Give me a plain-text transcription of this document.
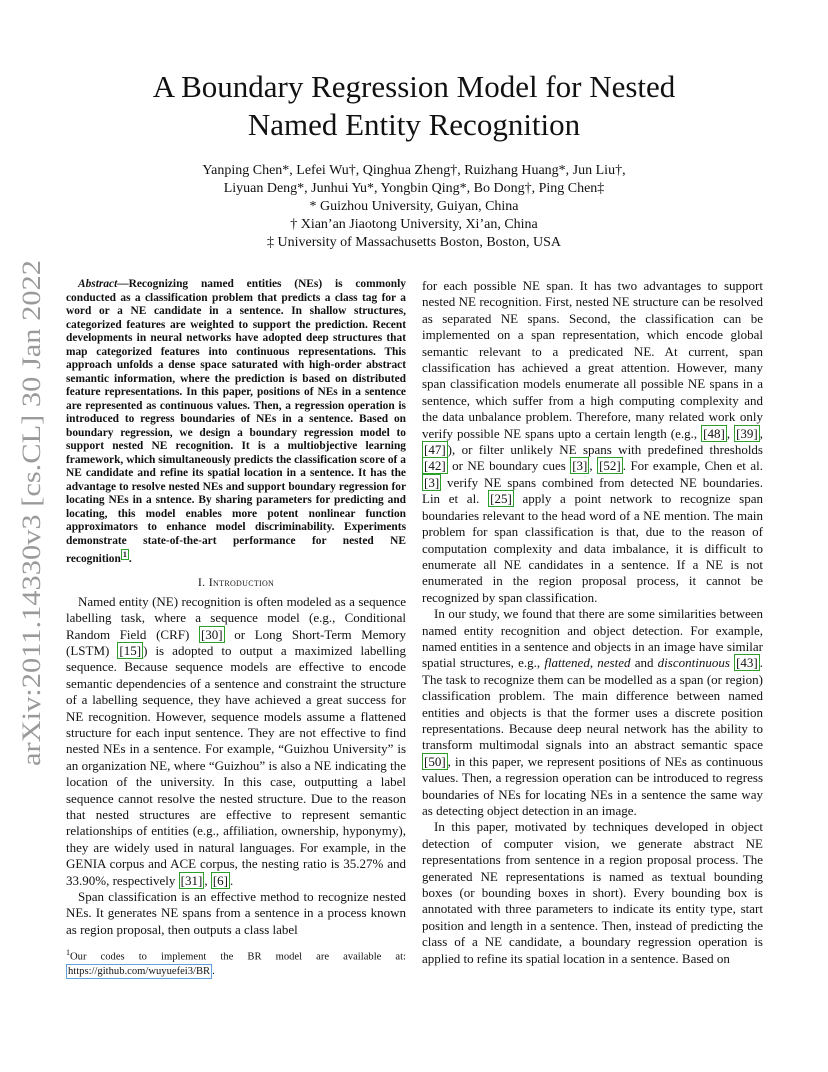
arXiv:2011.14330v3 [cs.CL] 30 Jan 2022
A Boundary Regression Model for Nested
Named Entity Recognition
Yanping Chen*, Lefei Wu†, Qinghua Zheng†, Ruizhang Huang*, Jun Liu†,
Liyuan Deng*, Junhui Yu*, Yongbin Qing*, Bo Dong†, Ping Chen‡
* Guizhou University, Guiyan, China
† Xian’an Jiaotong University, Xi’an, China
‡ University of Massachusetts Boston, Boston, USA

Abstract—Recognizing named entities (NEs) is commonly conducted as a classification problem that predicts a class tag for a word or a NE candidate in a sentence. In shallow structures, categorized features are weighted to support the prediction. Recent developments in neural networks have adopted deep structures that map categorized features into continuous representations. This approach unfolds a dense space saturated with high-order abstract semantic information, where the prediction is based on distributed feature representations. In this paper, positions of NEs in a sentence are represented as continuous values. Then, a regression operation is introduced to regress boundaries of NEs in a sentence. Based on boundary regression, we design a boundary regression model to support nested NE recognition. It is a multiobjective learning framework, which simultaneously predicts the classification score of a NE candidate and refine its spatial location in a sentence. It has the advantage to resolve nested NEs and support boundary regression for locating NEs in a sntence. By sharing parameters for predicting and locating, this model enables more potent nonlinear function approximators to enhance model discriminability. Experiments demonstrate state-of-the-art performance for nested NE recognition $^1$ .

I. Introduction

Named entity (NE) recognition is often modeled as a sequence labelling task, where a sequence model (e.g., Conditional Random Field (CRF) [30] or Long Short-Term Memory (LSTM) [15] ) is adopted to output a maximized labelling sequence. Because sequence models are effective to encode semantic dependencies of a sentence and constraint the structure of a labelling sequence, they have achieved a great success for NE recognition. However, sequence models assume a flattened structure for each input sentence. They are not effective to find nested NEs in a sentence. For example, “Guizhou University” is an organization NE, where “Guizhou” is also a NE indicating the location of the university. In this case, outputting a label sequence cannot resolve the nested structure. Due to the reason that nested structures are effective to represent semantic relationships of entities (e.g., affiliation, ownership, hyponymy), they are widely used in natural languages. For example, in the GENIA corpus and ACE corpus, the nesting ratio is 35.27% and 33.90%, respectively [31] , [6] .

Span classification is an effective method to recognize nested NEs. It generates NE spans from a sentence in a process known as region proposal, then outputs a class label

$^1$Our codes to implement the BR model are available at:
https://github.com/wuyuefei3/BR .

for each possible NE span. It has two advantages to support nested NE recognition. First, nested NE structure can be resolved as separated NE spans. Second, the classification can be implemented on a span representation, which encode global semantic relevant to a predicated NE. At current, span classification has achieved a great attention. However, many span classification models enumerate all possible NE spans in a sentence, which suffer from a high computing complexity and the data unbalance problem. Therefore, many related work only verify possible NE spans upto a certain length (e.g., [48] , [39] , [47] ), or filter unlikely NE spans with predefined thresholds [42] or NE boundary cues [3] , [52] . For example, Chen et al. [3] verify NE spans combined from detected NE boundaries. Lin et al. [25] apply a point network to recognize span boundaries relevant to the head word of a NE mention. The main problem for span classification is that, due to the reason of computation complexity and data imbalance, it is difficult to enumerate all NE candidates in a sentence. If a NE is not enumerated in the region proposal process, it cannot be recognized by span classification.

In our study, we found that there are some similarities between named entity recognition and object detection. For example, named entities in a sentence and objects in an image have similar spatial structures, e.g., flattened, nested and discontinuous [43] . The task to recognize them can be modelled as a span (or region) classification problem. The main difference between named entities and objects is that the former uses a discrete position representations. Because deep neural network has the ability to transform multimodal signals into an abstract semantic space [50] , in this paper, we represent positions of NEs as continuous values. Then, a regression operation can be introduced to regress boundaries of NEs for locating NEs in a sentence the same way as detecting object detection in an image.

In this paper, motivated by techniques developed in object detection of computer vision, we generate abstract NE representations from sentence in a region proposal process. The generated NE representations is named as textual bounding boxes (or bounding boxes in short). Every bounding box is annotated with three parameters to indicate its entity type, start position and length in a sentence. Then, instead of predicting the class of a NE candidate, a boundary regression operation is applied to refine its spatial location in a sentence. Based on
